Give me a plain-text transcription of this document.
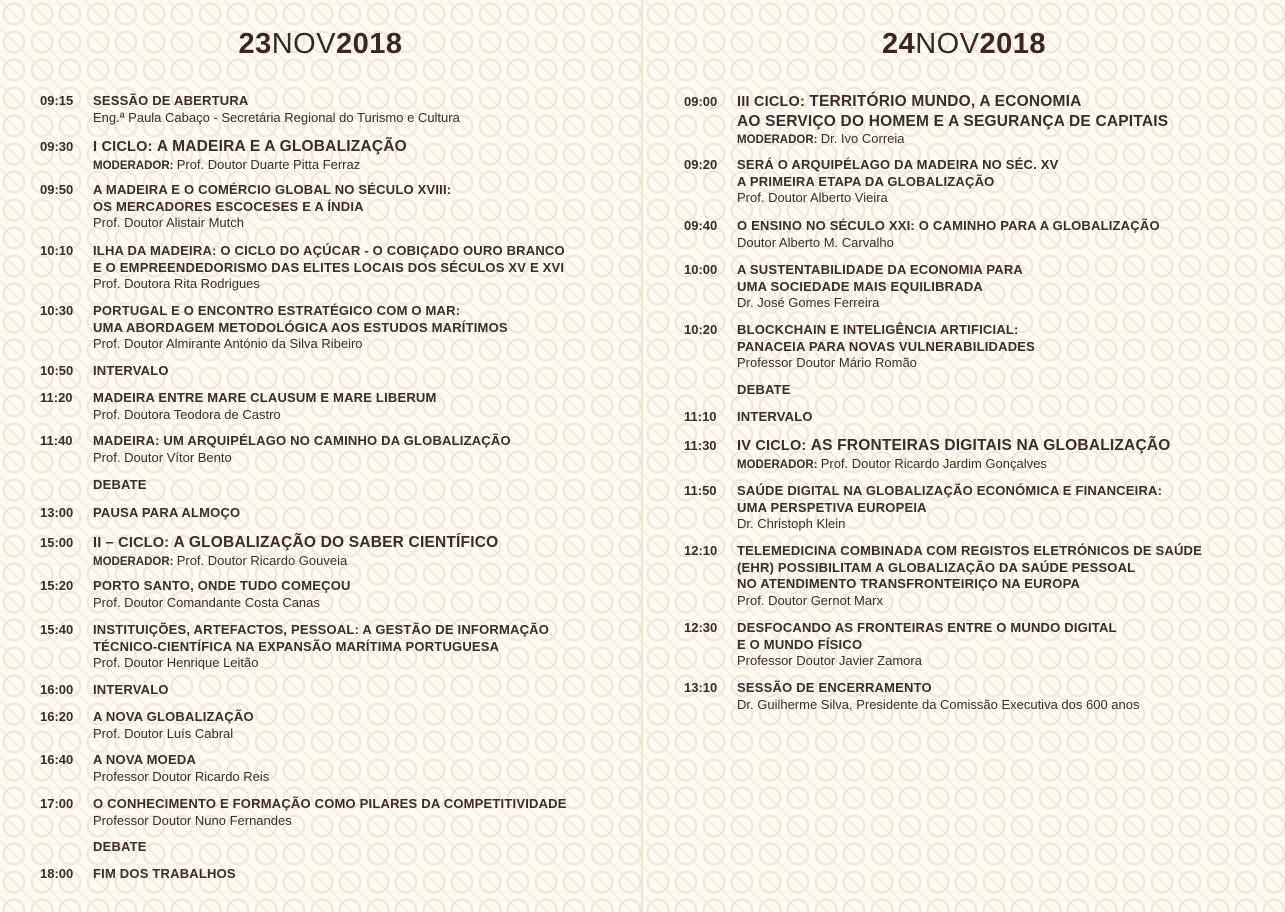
23NOV2018
09:15 SESSÃO DE ABERTURA
Eng.ª Paula Cabaço - Secretária Regional do Turismo e Cultura
09:30 I CICLO: A MADEIRA E A GLOBALIZAÇÃO
MODERADOR: Prof. Doutor Duarte Pitta Ferraz
09:50 A MADEIRA E O COMÉRCIO GLOBAL NO SÉCULO XVIII:
OS MERCADORES ESCOCESES E A ÍNDIA
Prof. Doutor Alistair Mutch
10:10 ILHA DA MADEIRA: O CICLO DO AÇÚCAR - O COBIÇADO OURO BRANCO
E O EMPREENDEDORISMO DAS ELITES LOCAIS DOS SÉCULOS XV E XVI
Prof. Doutora Rita Rodrigues
10:30 PORTUGAL E O ENCONTRO ESTRATÉGICO COM O MAR:
UMA ABORDAGEM METODOLÓGICA AOS ESTUDOS MARÍTIMOS
Prof. Doutor Almirante António da Silva Ribeiro
10:50 INTERVALO
11:20 MADEIRA ENTRE MARE CLAUSUM E MARE LIBERUM
Prof. Doutora Teodora de Castro
11:40 MADEIRA: UM ARQUIPÉLAGO NO CAMINHO DA GLOBALIZAÇÃO
Prof. Doutor Vítor Bento
DEBATE
13:00 PAUSA PARA ALMOÇO
15:00 II – CICLO: A GLOBALIZAÇÃO DO SABER CIENTÍFICO
MODERADOR: Prof. Doutor Ricardo Gouveia
15:20 PORTO SANTO, ONDE TUDO COMEÇOU
Prof. Doutor Comandante Costa Canas
15:40 INSTITUIÇÕES, ARTEFACTOS, PESSOAL: A GESTÃO DE INFORMAÇÃO
TÉCNICO-CIENTÍFICA NA EXPANSÃO MARÍTIMA PORTUGUESA
Prof. Doutor Henrique Leitão
16:00 INTERVALO
16:20 A NOVA GLOBALIZAÇÃO
Prof. Doutor Luís Cabral
16:40 A NOVA MOEDA
Professor Doutor Ricardo Reis
17:00 O CONHECIMENTO E FORMAÇÃO COMO PILARES DA COMPETITIVIDADE
Professor Doutor Nuno Fernandes
DEBATE
18:00 FIM DOS TRABALHOS
24NOV2018
09:00 III CICLO: TERRITÓRIO MUNDO, A ECONOMIA
AO SERVIÇO DO HOMEM E A SEGURANÇA DE CAPITAIS
MODERADOR: Dr. Ivo Correia
09:20 SERÁ O ARQUIPÉLAGO DA MADEIRA NO SÉC. XV
A PRIMEIRA ETAPA DA GLOBALIZAÇÃO
Prof. Doutor Alberto Vieira
09:40 O ENSINO NO SÉCULO XXI: O CAMINHO PARA A GLOBALIZAÇÃO
Doutor Alberto M. Carvalho
10:00 A SUSTENTABILIDADE DA ECONOMIA PARA
UMA SOCIEDADE MAIS EQUILIBRADA
Dr. José Gomes Ferreira
10:20 BLOCKCHAIN E INTELIGÊNCIA ARTIFICIAL:
PANACEIA PARA NOVAS VULNERABILIDADES
Professor Doutor Mário Romão
DEBATE
11:10 INTERVALO
11:30 IV CICLO: AS FRONTEIRAS DIGITAIS NA GLOBALIZAÇÃO
MODERADOR: Prof. Doutor Ricardo Jardim Gonçalves
11:50 SAÚDE DIGITAL NA GLOBALIZAÇÃO ECONÓMICA E FINANCEIRA:
UMA PERSPETIVA EUROPEIA
Dr. Christoph Klein
12:10 TELEMEDICINA COMBINADA COM REGISTOS ELETRÓNICOS DE SAÚDE
(EHR) POSSIBILITAM A GLOBALIZAÇÃO DA SAÚDE PESSOAL
NO ATENDIMENTO TRANSFRONTEIRIÇO NA EUROPA
Prof. Doutor Gernot Marx
12:30 DESFOCANDO AS FRONTEIRAS ENTRE O MUNDO DIGITAL
E O MUNDO FÍSICO
Professor Doutor Javier Zamora
13:10 SESSÃO DE ENCERRAMENTO
Dr. Guilherme Silva, Presidente da Comissão Executiva dos 600 anos
